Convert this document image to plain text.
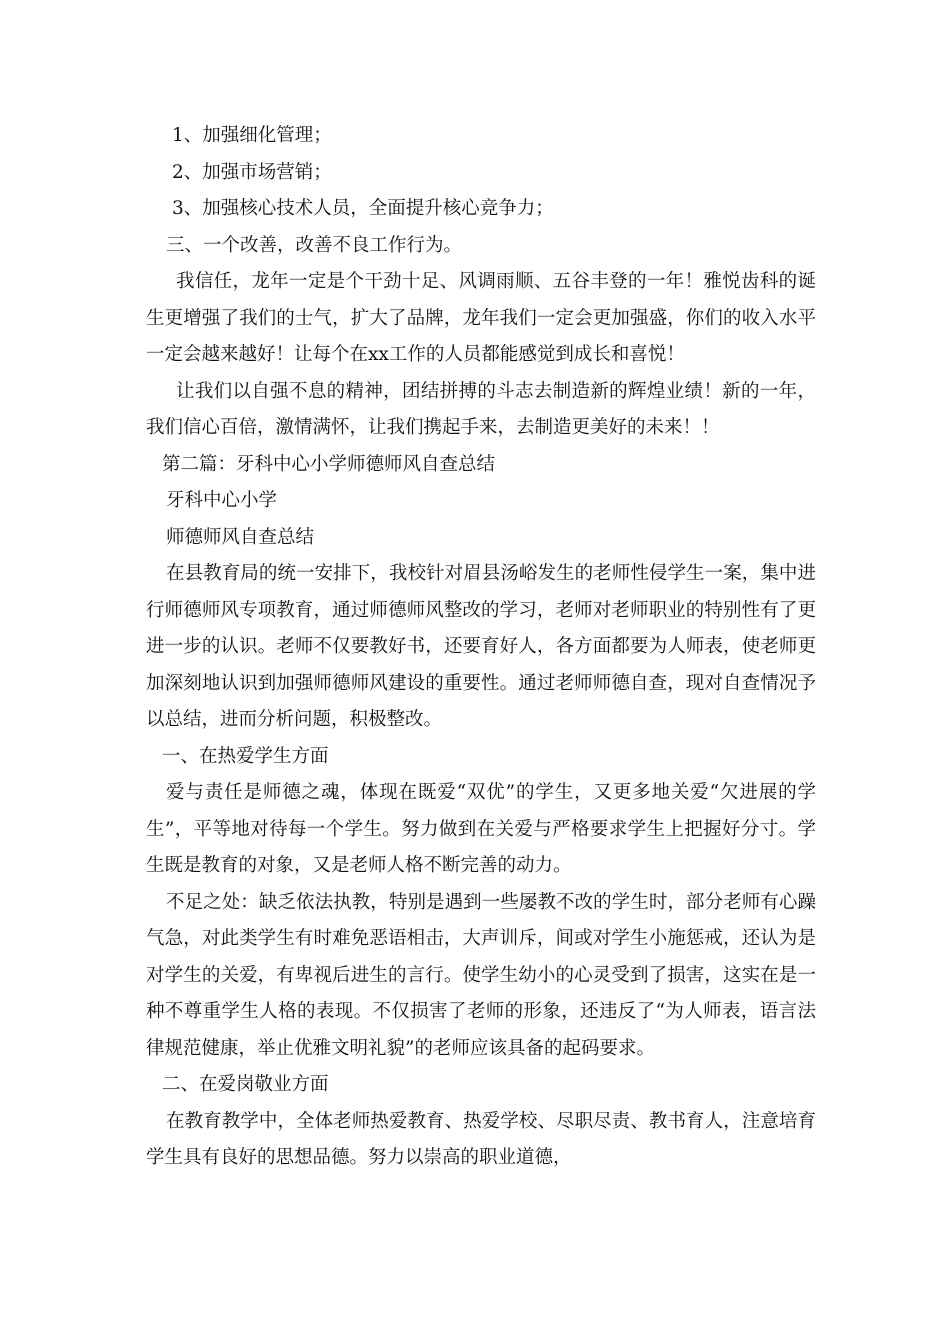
1、加强细化管理；

2、加强市场营销；

3、加强核心技术人员，全面提升核心竞争力；

三、一个改善，改善不良工作行为。

我信任，龙年一定是个干劲十足、风调雨顺、五谷丰登的一年！雅悦齿科的诞生更增强了我们的士气，扩大了品牌，龙年我们一定会更加强盛，你们的收入水平一定会越来越好！让每个在xx工作的人员都能感觉到成长和喜悦！

让我们以自强不息的精神，团结拼搏的斗志去制造新的辉煌业绩！新的一年，我们信心百倍，激情满怀，让我们携起手来，去制造更美好的未来！！

第二篇：牙科中心小学师德师风自查总结

牙科中心小学

师德师风自查总结

在县教育局的统一安排下，我校针对眉县汤峪发生的老师性侵学生一案，集中进行师德师风专项教育，通过师德师风整改的学习，老师对老师职业的特别性有了更进一步的认识。老师不仅要教好书，还要育好人，各方面都要为人师表，使老师更加深刻地认识到加强师德师风建设的重要性。通过老师师德自查，现对自查情况予以总结，进而分析问题，积极整改。

一、在热爱学生方面

爱与责任是师德之魂，体现在既爱“双优”的学生，又更多地关爱“欠进展的学生”，平等地对待每一个学生。努力做到在关爱与严格要求学生上把握好分寸。学生既是教育的对象，又是老师人格不断完善的动力。

不足之处：缺乏依法执教，特别是遇到一些屡教不改的学生时，部分老师有心躁气急，对此类学生有时难免恶语相击，大声训斥，间或对学生小施惩戒，还认为是对学生的关爱，有卑视后进生的言行。使学生幼小的心灵受到了损害，这实在是一种不尊重学生人格的表现。不仅损害了老师的形象，还违反了“为人师表，语言法律规范健康，举止优雅文明礼貌”的老师应该具备的起码要求。

二、在爱岗敬业方面

在教育教学中，全体老师热爱教育、热爱学校、尽职尽责、教书育人，注意培育学生具有良好的思想品德。努力以崇高的职业道德，
